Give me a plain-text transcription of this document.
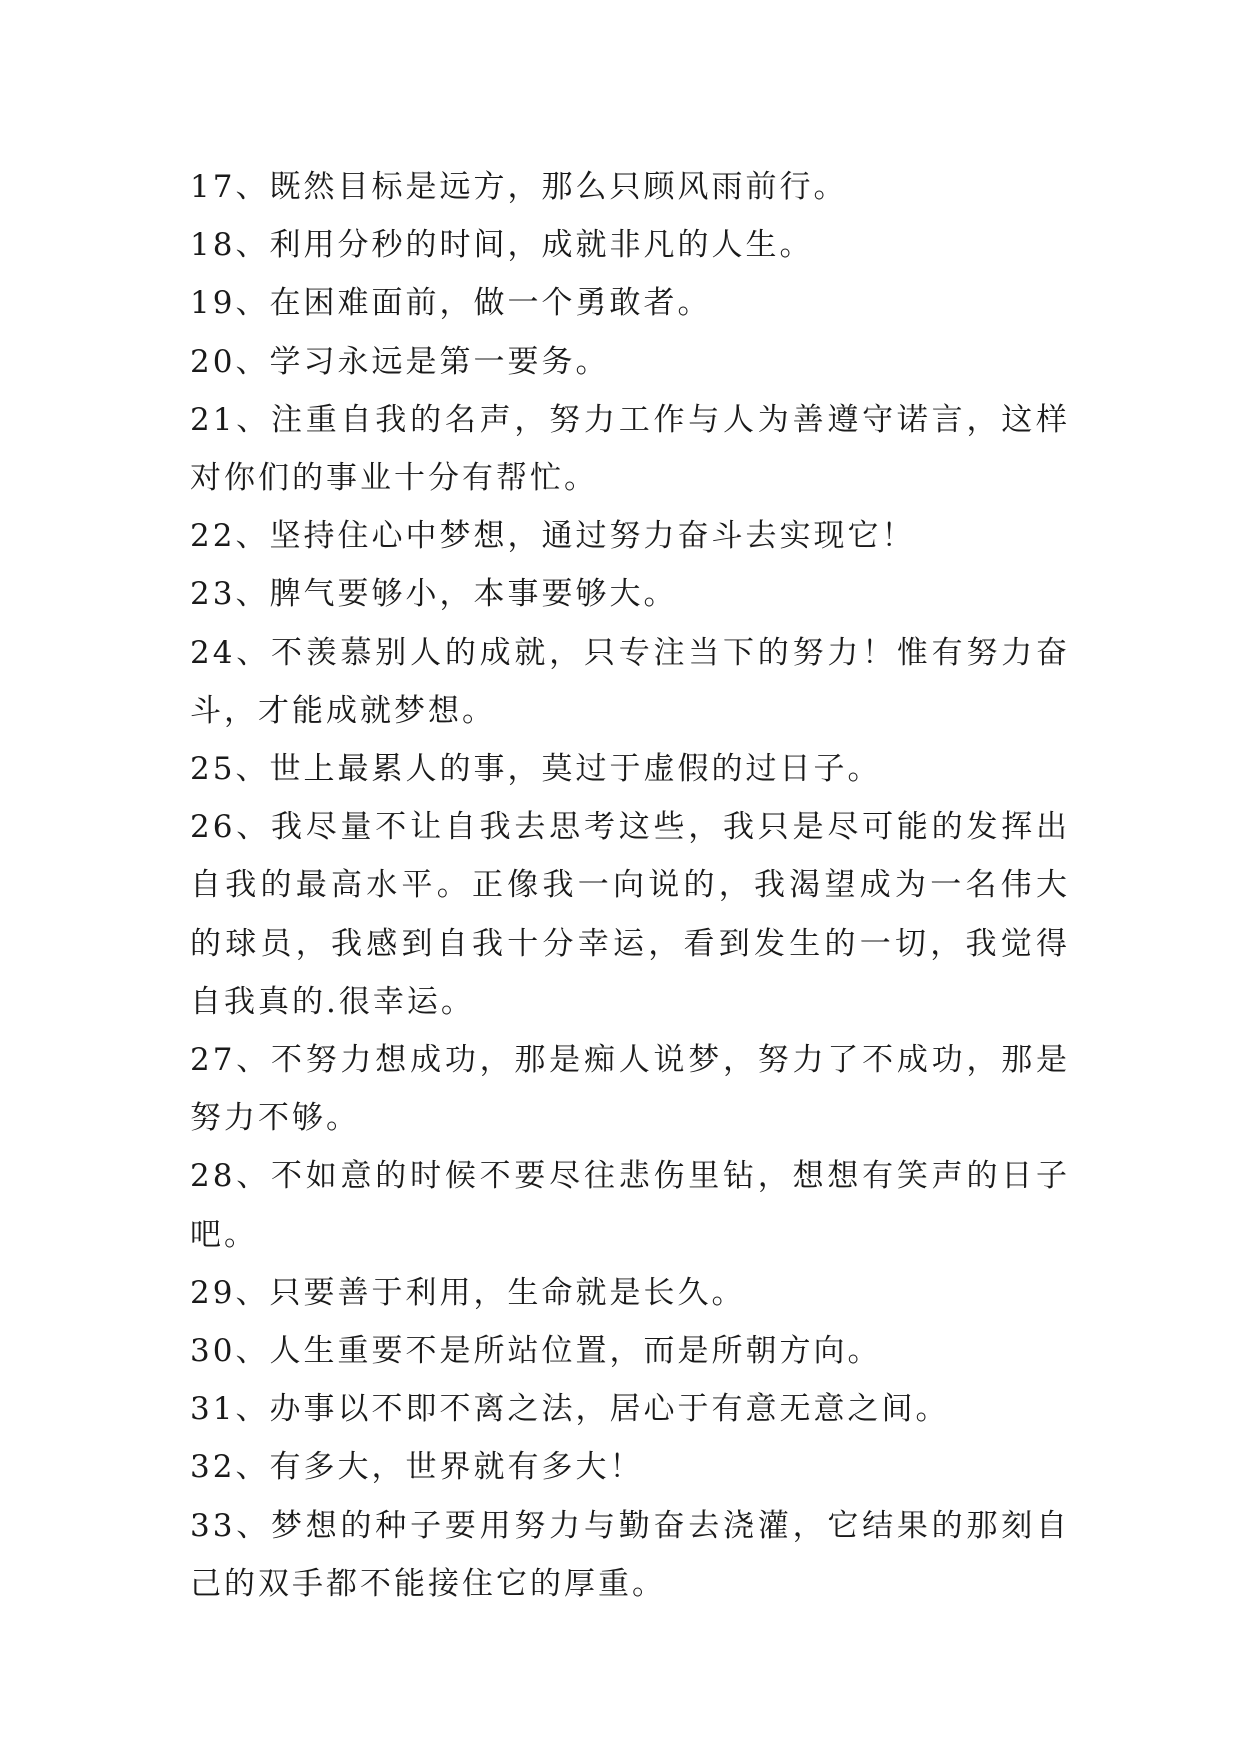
17、既然目标是远方，那么只顾风雨前行。

18、利用分秒的时间，成就非凡的人生。

19、在困难面前，做一个勇敢者。

20、学习永远是第一要务。

21、注重自我的名声，努力工作与人为善遵守诺言，这样对你们的事业十分有帮忙。

22、坚持住心中梦想，通过努力奋斗去实现它！

23、脾气要够小，本事要够大。

24、不羡慕别人的成就，只专注当下的努力！惟有努力奋斗，才能成就梦想。

25、世上最累人的事，莫过于虚假的过日子。

26、我尽量不让自我去思考这些，我只是尽可能的发挥出自我的最高水平。正像我一向说的，我渴望成为一名伟大的球员，我感到自我十分幸运，看到发生的一切，我觉得自我真的.很幸运。

27、不努力想成功，那是痴人说梦，努力了不成功，那是努力不够。

28、不如意的时候不要尽往悲伤里钻，想想有笑声的日子吧。

29、只要善于利用，生命就是长久。

30、人生重要不是所站位置，而是所朝方向。

31、办事以不即不离之法，居心于有意无意之间。

32、有多大，世界就有多大！

33、梦想的种子要用努力与勤奋去浇灌，它结果的那刻自己的双手都不能接住它的厚重。
